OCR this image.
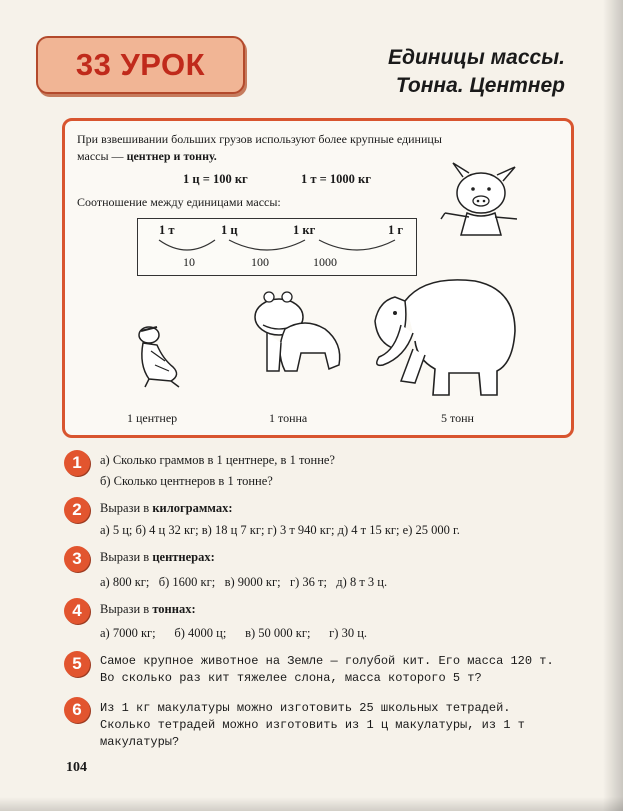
33 УРОК	Единицы массы.
Тонна. Центнер
При взвешивании больших грузов используют более крупные единицы
массы — центнер и тонну.
1 ц = 100 кг	1 т = 1000 кг
Соотношение между единицами массы:
1 т	1 ц	1 кг	1 г
10	100	1000
1 центнер	1 тонна	5 тонн
1	а) Сколько граммов в 1 центнере, в 1 тонне?
б) Сколько центнеров в 1 тонне?
2	Вырази в килограммах:
а) 5 ц; б) 4 ц 32 кг; в) 18 ц 7 кг; г) 3 т 940 кг; д) 4 т 15 кг; е) 25 000 г.
3	Вырази в центнерах:
а) 800 кг;   б) 1600 кг;   в) 9000 кг;   г) 36 т;   д) 8 т 3 ц.
4	Вырази в тоннах:
а) 7000 кг;      б) 4000 ц;      в) 50 000 кг;      г) 30 ц.
5	Самое крупное животное на Земле — голубой кит. Его масса 120 т.
Во сколько раз кит тяжелее слона, масса которого 5 т?
6	Из 1 кг макулатуры можно изготовить 25 школьных тетрадей.
Сколько тетрадей можно изготовить из 1 ц макулатуры, из 1 т
макулатуры?
104
